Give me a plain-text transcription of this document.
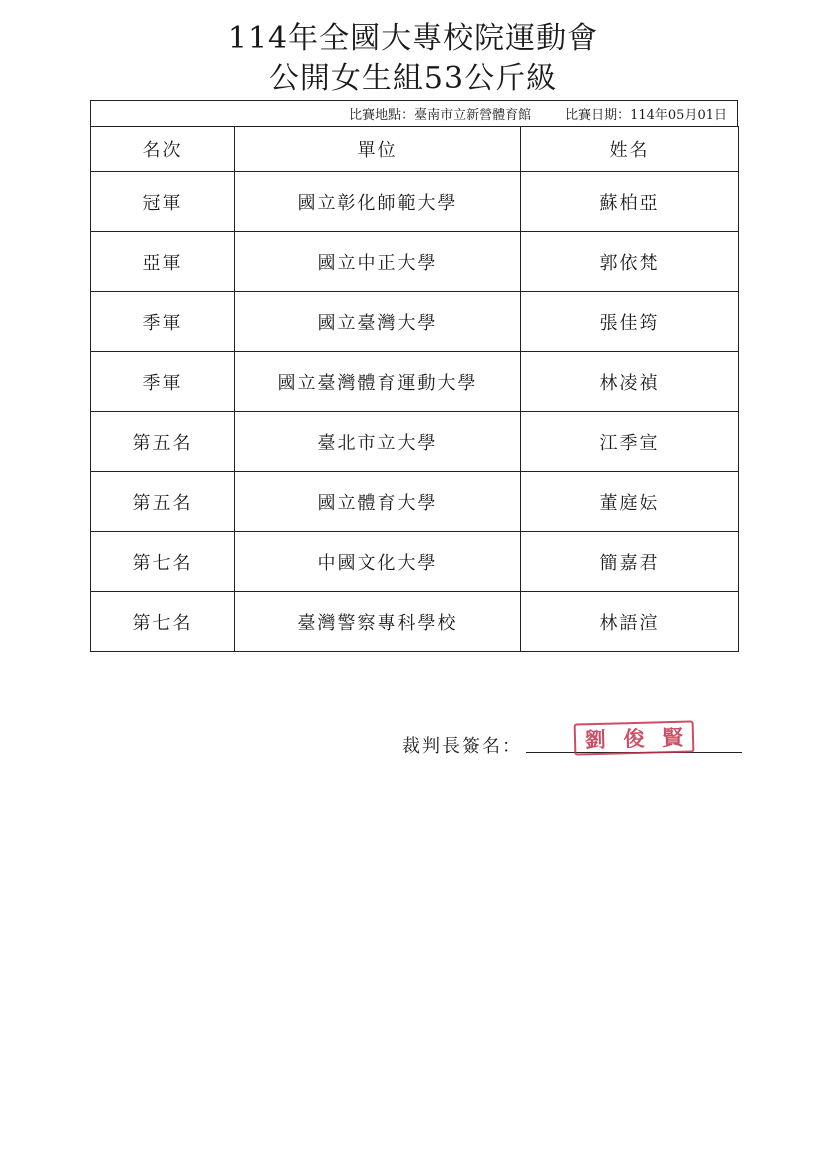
114年全國大專校院運動會
公開女生組53公斤級
比賽地點：臺南市立新營體育館	比賽日期：114年05月01日
名次	單位	姓名
冠軍	國立彰化師範大學	蘇柏亞
亞軍	國立中正大學	郭依梵
季軍	國立臺灣大學	張佳筠
季軍	國立臺灣體育運動大學	林凌禎
第五名	臺北市立大學	江季宣
第五名	國立體育大學	董庭妘
第七名	中國文化大學	簡嘉君
第七名	臺灣警察專科學校	林語渲
裁判長簽名：	劉 俊 賢
